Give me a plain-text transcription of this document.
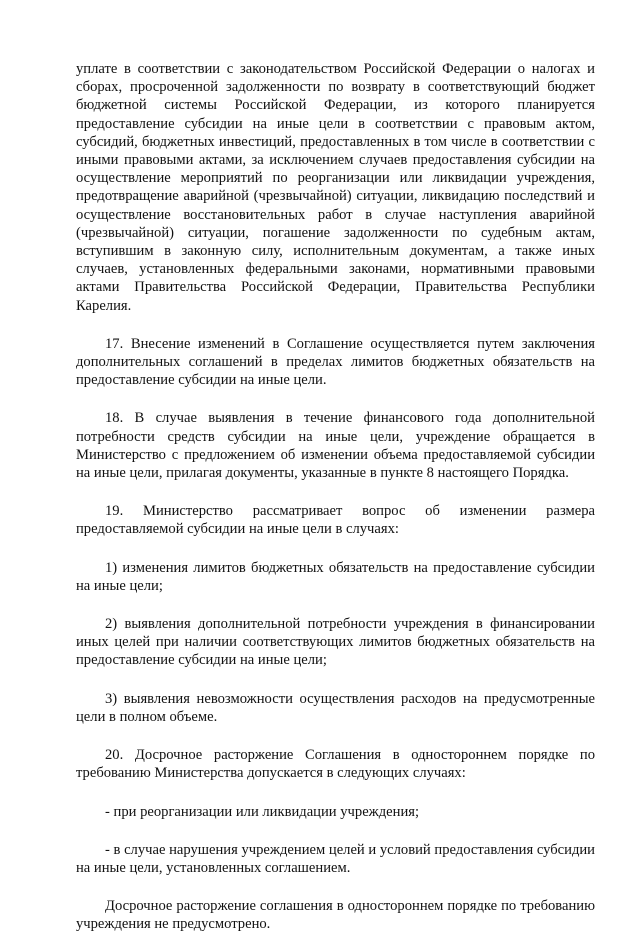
уплате в соответствии с законодательством Российской Федерации о налогах и сборах, просроченной задолженности по возврату в соответствующий бюджет бюджетной системы Российской Федерации, из которого планируется предоставление субсидии на иные цели в соответствии с правовым актом, субсидий, бюджетных инвестиций, предоставленных в том числе в соответствии с иными правовыми актами, за исключением случаев предоставления субсидии на осуществление мероприятий по реорганизации или ликвидации учреждения, предотвращение аварийной (чрезвычайной) ситуации, ликвидацию последствий и осуществление восстановительных работ в случае наступления аварийной (чрезвычайной) ситуации, погашение задолженности по судебным актам, вступившим в законную силу, исполнительным документам, а также иных случаев, установленных федеральными законами, нормативными правовыми актами Правительства Российской Федерации, Правительства Республики Карелия.

17. Внесение изменений в Соглашение осуществляется путем заключения дополнительных соглашений в пределах лимитов бюджетных обязательств на предоставление субсидии на иные цели.

18. В случае выявления в течение финансового года дополнительной потребности средств субсидии на иные цели, учреждение обращается в Министерство с предложением об изменении объема предоставляемой субсидии на иные цели, прилагая документы, указанные в пункте 8 настоящего Порядка.

19. Министерство рассматривает вопрос об изменении размера предоставляемой субсидии на иные цели в случаях:

1) изменения лимитов бюджетных обязательств на предоставление субсидии на иные цели;

2) выявления дополнительной потребности учреждения в финансировании иных целей при наличии соответствующих лимитов бюджетных обязательств на предоставление субсидии на иные цели;

3) выявления невозможности осуществления расходов на предусмотренные цели в полном объеме.

20. Досрочное расторжение Соглашения в одностороннем порядке по требованию Министерства допускается в следующих случаях:

- при реорганизации или ликвидации учреждения;

- в случае нарушения учреждением целей и условий предоставления субсидии на иные цели, установленных соглашением.

Досрочное расторжение соглашения в одностороннем порядке по требованию учреждения не предусмотрено.
